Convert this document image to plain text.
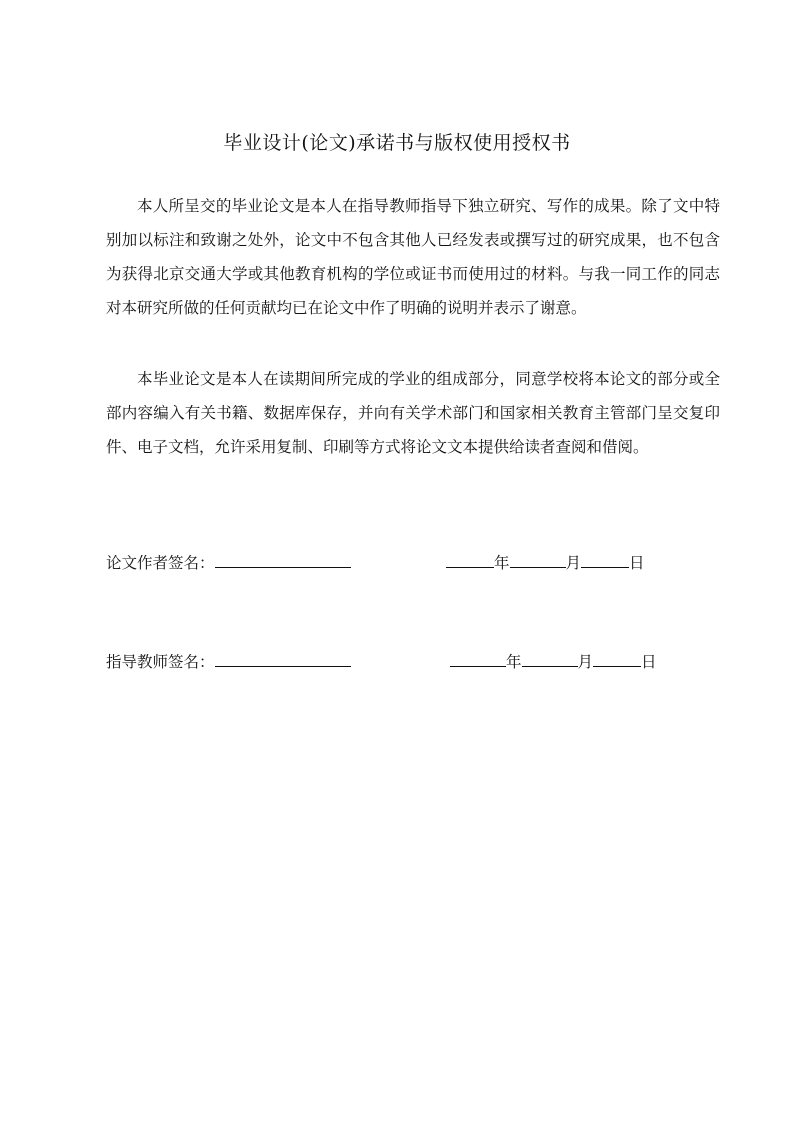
毕业设计(论文)承诺书与版权使用授权书

本人所呈交的毕业论文是本人在指导教师指导下独立研究、写作的成果。除了文中特别加以标注和致谢之处外，论文中不包含其他人已经发表或撰写过的研究成果，也不包含为获得北京交通大学或其他教育机构的学位或证书而使用过的材料。与我一同工作的同志对本研究所做的任何贡献均已在论文中作了明确的说明并表示了谢意。

本毕业论文是本人在读期间所完成的学业的组成部分，同意学校将本论文的部分或全部内容编入有关书籍、数据库保存，并向有关学术部门和国家相关教育主管部门呈交复印件、电子文档，允许采用复制、印刷等方式将论文文本提供给读者查阅和借阅。

论文作者签名：	年	月	日
指导教师签名：	年	月	日
